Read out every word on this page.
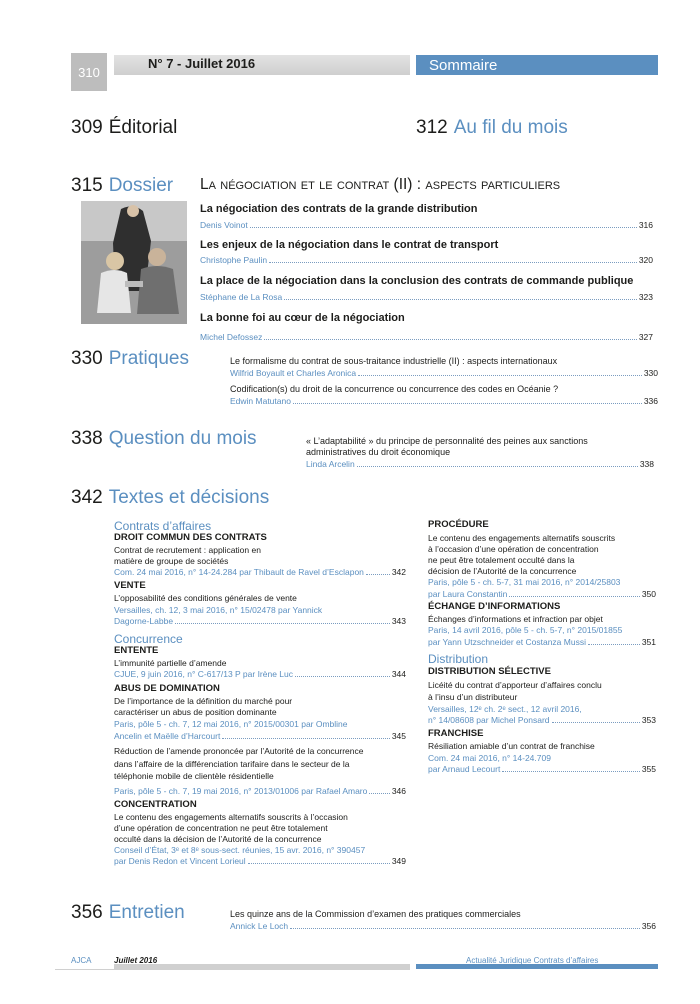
310
N° 7 - Juillet 2016	Sommaire
309 Éditorial	312 Au fil du mois
315 Dossier La négociation et le contrat (II) : aspects particuliers
La négociation des contrats de la grande distribution
Denis Voinot	316
Les enjeux de la négociation dans le contrat de transport
Christophe Paulin	320
La place de la négociation dans la conclusion des contrats de commande publique
Stéphane de La Rosa	323
La bonne foi au cœur de la négociation
Michel Defossez	327
330 Pratiques	Le formalisme du contrat de sous-traitance industrielle (II) : aspects internationaux
Wilfrid Boyault et Charles Aronica	330
Codification(s) du droit de la concurrence ou concurrence des codes en Océanie ?
Edwin Matutano	336
338 Question du mois	« L’adaptabilité » du principe de personnalité des peines aux sanctions
administratives du droit économique
Linda Arcelin	338
342 Textes et décisions
Contrats d’affaires
DROIT COMMUN DES CONTRATS
Contrat de recrutement : application en
matière de groupe de sociétés
Com. 24 mai 2016, n° 14-24.284 par Thibault de Ravel d’Esclapon	342
VENTE
L’opposabilité des conditions générales de vente
Versailles, ch. 12, 3 mai 2016, n° 15/02478 par Yannick
Dagorne-Labbe	343
Concurrence
ENTENTE
L’immunité partielle d’amende
CJUE, 9 juin 2016, n° C-617/13 P par Irène Luc	344
ABUS DE DOMINATION
De l’importance de la définition du marché pour
caractériser un abus de position dominante
Paris, pôle 5 - ch. 7, 12 mai 2016, n° 2015/00301 par Ombline
Ancelin et Maëlle d’Harcourt	345
Réduction de l’amende prononcée par l’Autorité de la concurrence
dans l’affaire de la différenciation tarifaire dans le secteur de la
téléphonie mobile de clientèle résidentielle
Paris, pôle 5 - ch. 7, 19 mai 2016, n° 2013/01006 par Rafael Amaro	346
CONCENTRATION
Le contenu des engagements alternatifs souscrits à l’occasion
d’une opération de concentration ne peut être totalement
occulté dans la décision de l’Autorité de la concurrence
Conseil d’État, 3ᵉ et 8ᵉ sous-sect. réunies, 15 avr. 2016, n° 390457
par Denis Redon et Vincent Lorieul	349
PROCÉDURE
Le contenu des engagements alternatifs souscrits
à l’occasion d’une opération de concentration
ne peut être totalement occulté dans la
décision de l’Autorité de la concurrence
Paris, pôle 5 - ch. 5-7, 31 mai 2016, n° 2014/25803
par Laura Constantin	350
ÉCHANGE D’INFORMATIONS
Échanges d’informations et infraction par objet
Paris, 14 avril 2016, pôle 5 - ch. 5-7, n° 2015/01855
par Yann Utzschneider et Costanza Mussi	351
Distribution
DISTRIBUTION SÉLECTIVE
Licéité du contrat d’apporteur d’affaires conclu
à l’insu d’un distributeur
Versailles, 12ᵉ ch. 2ᵉ sect., 12 avril 2016,
n° 14/08608 par Michel Ponsard	353
FRANCHISE
Résiliation amiable d’un contrat de franchise
Com. 24 mai 2016, n° 14-24.709
par Arnaud Lecourt	355
356 Entretien	Les quinze ans de la Commission d’examen des pratiques commerciales
Annick Le Loch	356
AJCA	Juillet 2016	Actualité Juridique Contrats d’affaires
